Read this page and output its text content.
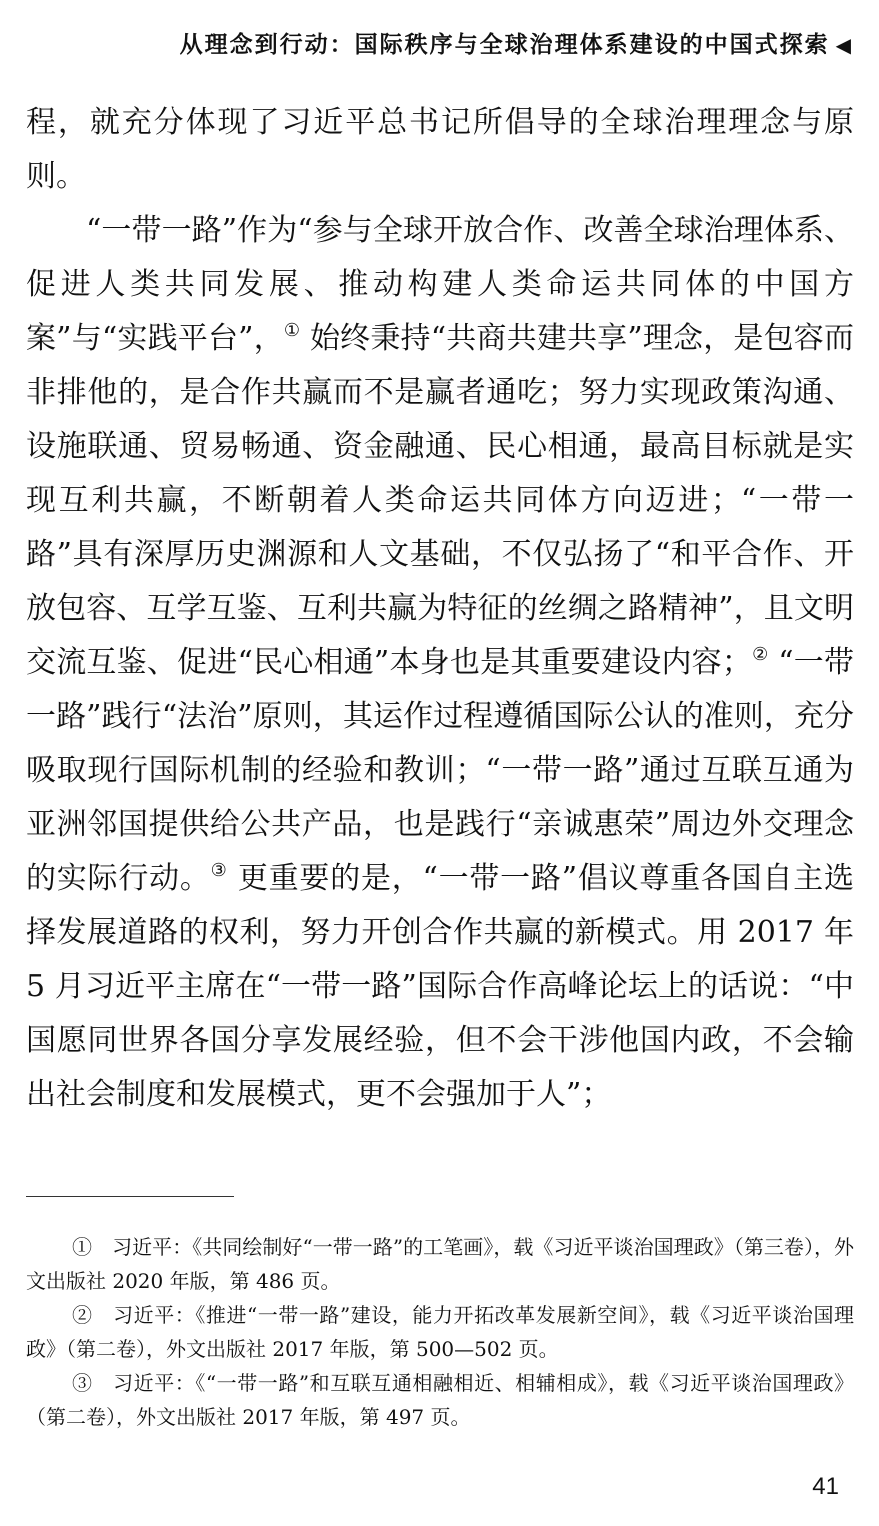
从理念到行动：国际秩序与全球治理体系建设的中国式探索 ◀

程，就充分体现了习近平总书记所倡导的全球治理理念与原则。

“一带一路”作为“参与全球开放合作、改善全球治理体系、促进人类共同发展、推动构建人类命运共同体的中国方案”与“实践平台”，① 始终秉持“共商共建共享”理念，是包容而非排他的，是合作共赢而不是赢者通吃；努力实现政策沟通、设施联通、贸易畅通、资金融通、民心相通，最高目标就是实现互利共赢，不断朝着人类命运共同体方向迈进；“一带一路”具有深厚历史渊源和人文基础，不仅弘扬了“和平合作、开放包容、互学互鉴、互利共赢为特征的丝绸之路精神”，且文明交流互鉴、促进“民心相通”本身也是其重要建设内容；② “一带一路”践行“法治”原则，其运作过程遵循国际公认的准则，充分吸取现行国际机制的经验和教训；“一带一路”通过互联互通为亚洲邻国提供给公共产品，也是践行“亲诚惠荣”周边外交理念的实际行动。③ 更重要的是，“一带一路”倡议尊重各国自主选择发展道路的权利，努力开创合作共赢的新模式。用 2017 年 5 月习近平主席在“一带一路”国际合作高峰论坛上的话说：“中国愿同世界各国分享发展经验，但不会干涉他国内政，不会输出社会制度和发展模式，更不会强加于人”；

①　 习近平：《共同绘制好“一带一路”的工笔画》，载《习近平谈治国理政》（第三卷），外文出版社 2020 年版，第 486 页。

②　 习近平：《推进“一带一路”建设，能力开拓改革发展新空间》，载《习近平谈治国理政》（第二卷），外文出版社 2017 年版，第 500—502 页。

③　 习近平：《“一带一路”和互联互通相融相近、相辅相成》，载《习近平谈治国理政》（第二卷），外文出版社 2017 年版，第 497 页。

41
